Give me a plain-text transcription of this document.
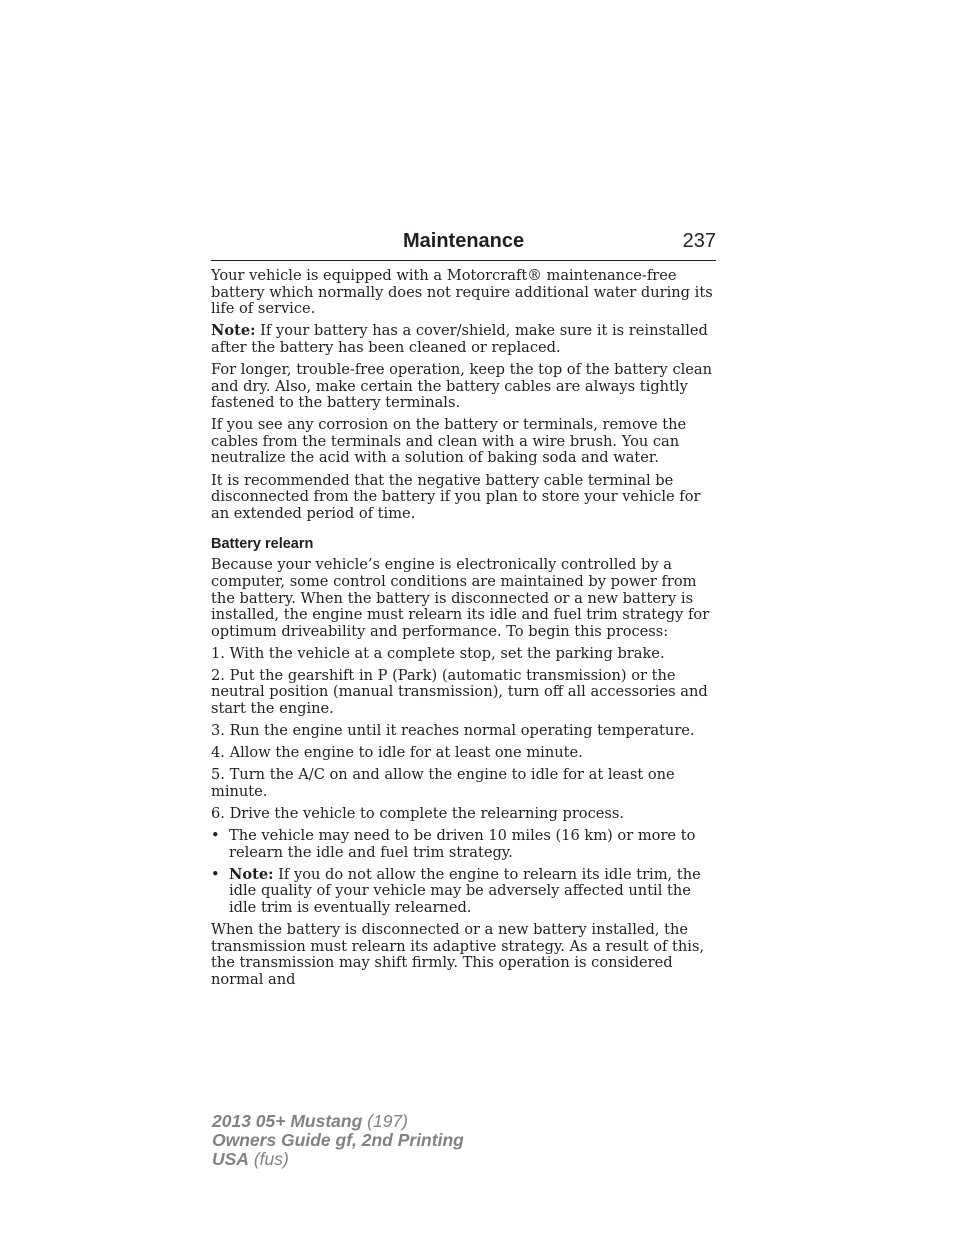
Maintenance	237

Your vehicle is equipped with a Motorcraft® maintenance-free battery which normally does not require additional water during its life of service.

Note: If your battery has a cover/shield, make sure it is reinstalled after the battery has been cleaned or replaced.

For longer, trouble-free operation, keep the top of the battery clean and dry. Also, make certain the battery cables are always tightly fastened to the battery terminals.

If you see any corrosion on the battery or terminals, remove the cables from the terminals and clean with a wire brush. You can neutralize the acid with a solution of baking soda and water.

It is recommended that the negative battery cable terminal be disconnected from the battery if you plan to store your vehicle for an extended period of time.

Battery relearn

Because your vehicle’s engine is electronically controlled by a computer, some control conditions are maintained by power from the battery. When the battery is disconnected or a new battery is installed, the engine must relearn its idle and fuel trim strategy for optimum driveability and performance. To begin this process:

1. With the vehicle at a complete stop, set the parking brake.

2. Put the gearshift in P (Park) (automatic transmission) or the neutral position (manual transmission), turn off all accessories and start the engine.

3. Run the engine until it reaches normal operating temperature.

4. Allow the engine to idle for at least one minute.

5. Turn the A/C on and allow the engine to idle for at least one minute.

6. Drive the vehicle to complete the relearning process.

• The vehicle may need to be driven 10 miles (16 km) or more to relearn the idle and fuel trim strategy.
• Note: If you do not allow the engine to relearn its idle trim, the idle quality of your vehicle may be adversely affected until the idle trim is eventually relearned.

When the battery is disconnected or a new battery installed, the transmission must relearn its adaptive strategy. As a result of this, the transmission may shift firmly. This operation is considered normal and

2013 05+ Mustang (197)
Owners Guide gf, 2nd Printing
USA (fus)
